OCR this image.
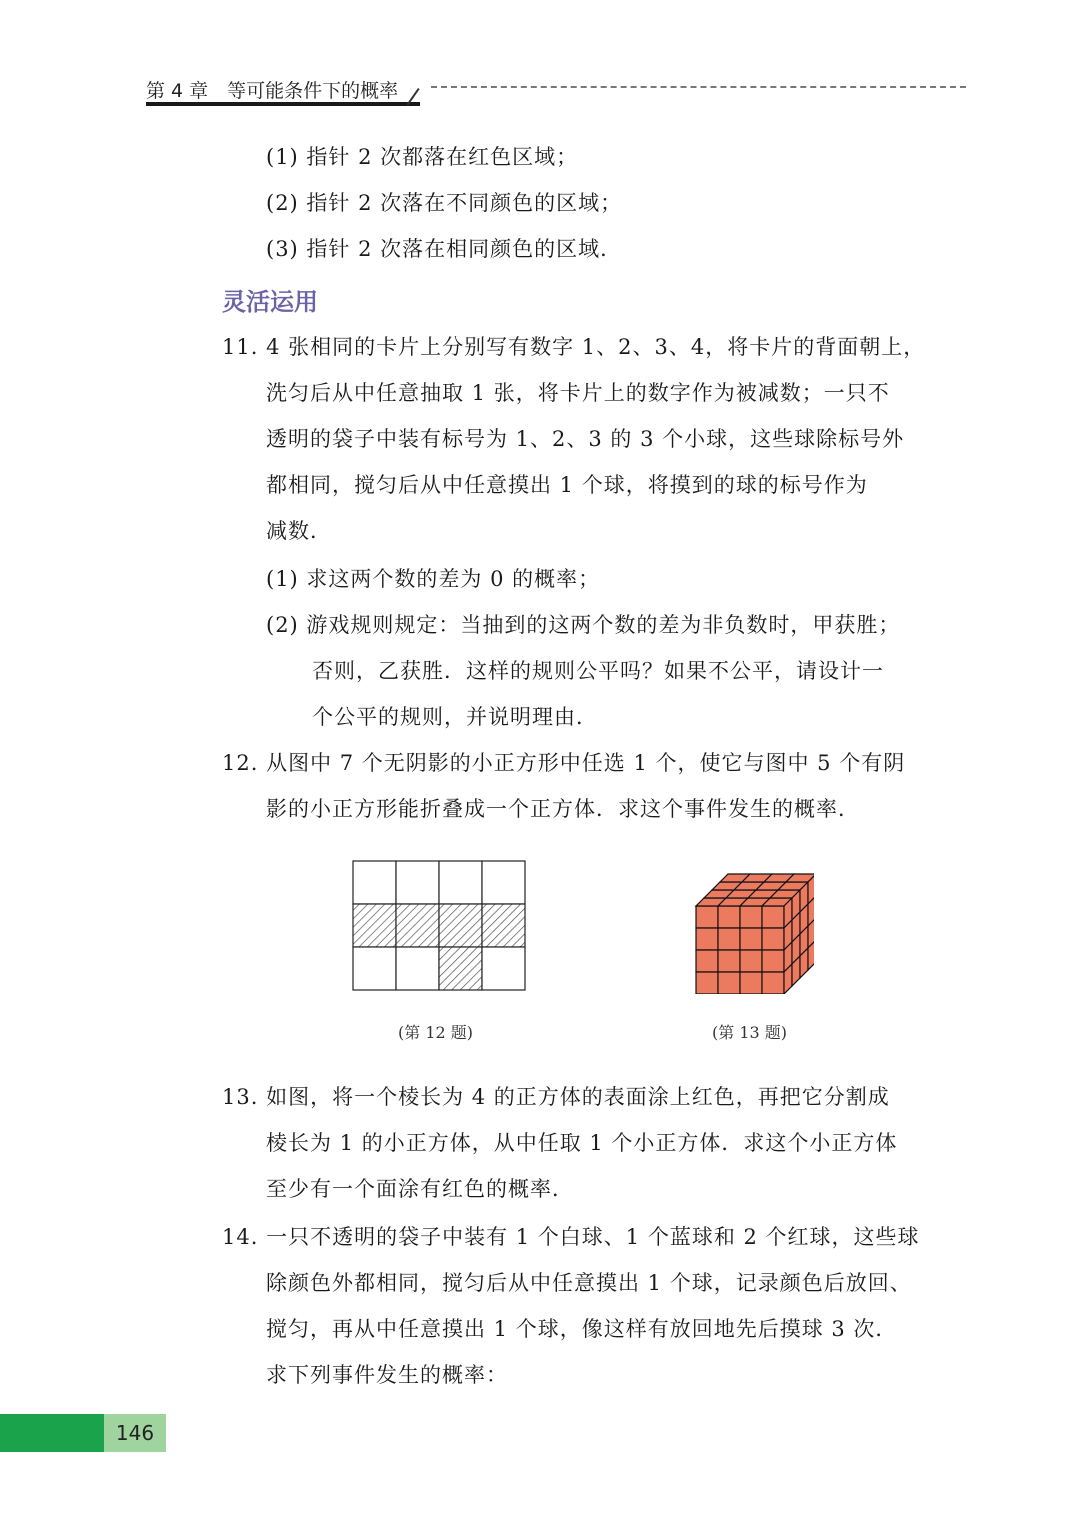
第 4 章　等可能条件下的概率
(1) 指针 2 次都落在红色区域；
(2) 指针 2 次落在不同颜色的区域；
(3) 指针 2 次落在相同颜色的区域．
灵活运用
11. 4 张相同的卡片上分别写有数字 1、2、3、4，将卡片的背面朝上，
洗匀后从中任意抽取 1 张，将卡片上的数字作为被减数；一只不
透明的袋子中装有标号为 1、2、3 的 3 个小球，这些球除标号外
都相同，搅匀后从中任意摸出 1 个球，将摸到的球的标号作为
减数．
(1) 求这两个数的差为 0 的概率；
(2) 游戏规则规定：当抽到的这两个数的差为非负数时，甲获胜；
否则，乙获胜．这样的规则公平吗？如果不公平，请设计一
个公平的规则，并说明理由．
12. 从图中 7 个无阴影的小正方形中任选 1 个，使它与图中 5 个有阴
影的小正方形能折叠成一个正方体．求这个事件发生的概率．
(第 12 题)	(第 13 题)
13. 如图，将一个棱长为 4 的正方体的表面涂上红色，再把它分割成
棱长为 1 的小正方体，从中任取 1 个小正方体．求这个小正方体
至少有一个面涂有红色的概率．
14. 一只不透明的袋子中装有 1 个白球、1 个蓝球和 2 个红球，这些球
除颜色外都相同，搅匀后从中任意摸出 1 个球，记录颜色后放回、
搅匀，再从中任意摸出 1 个球，像这样有放回地先后摸球 3 次．
求下列事件发生的概率：
146
